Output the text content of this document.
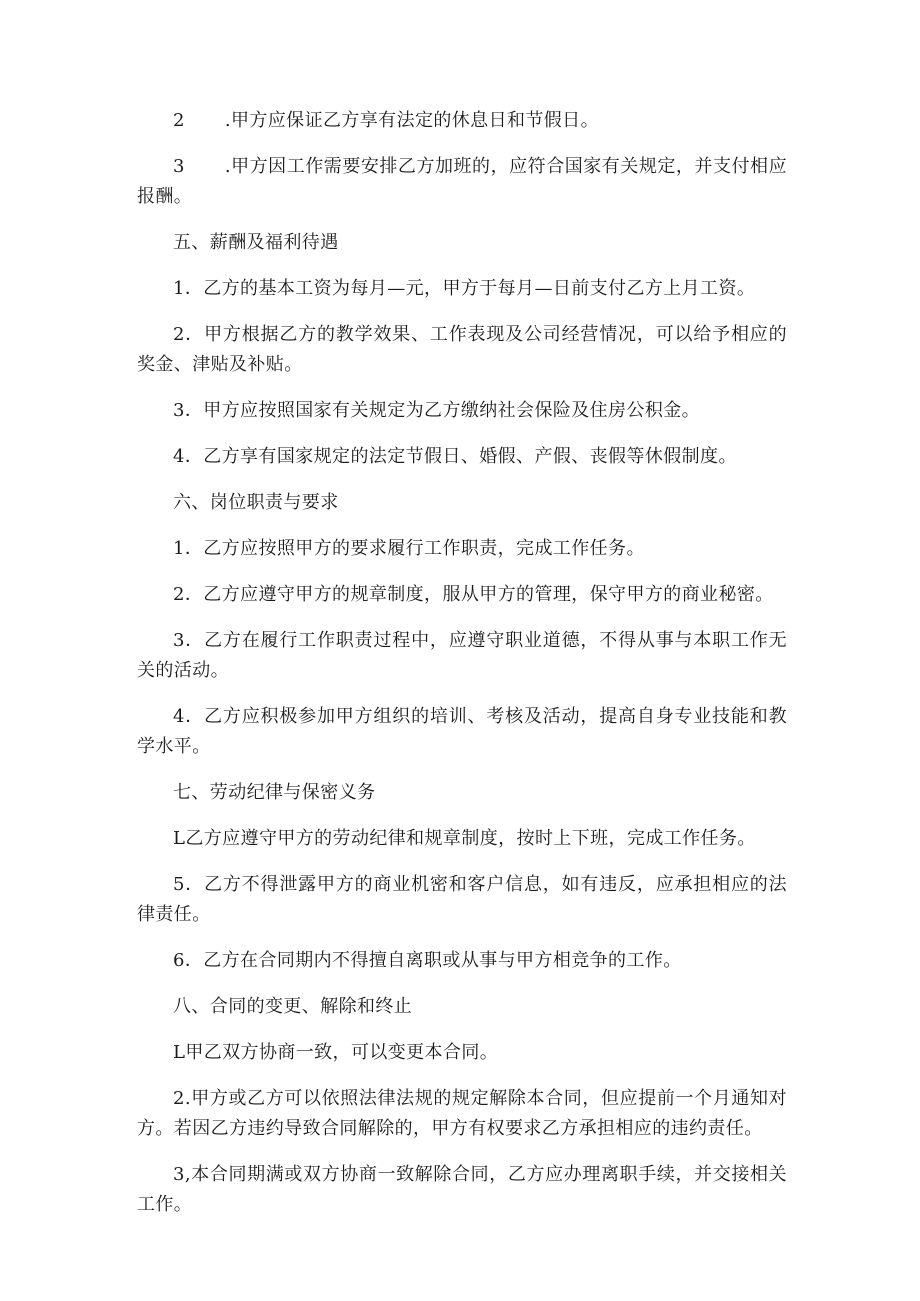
2 .甲方应保证乙方享有法定的休息日和节假日。

3 .甲方因工作需要安排乙方加班的，应符合国家有关规定，并支付相应报酬。

五、薪酬及福利待遇

1．乙方的基本工资为每月—元，甲方于每月—日前支付乙方上月工资。

2．甲方根据乙方的教学效果、工作表现及公司经营情况，可以给予相应的奖金、津贴及补贴。

3．甲方应按照国家有关规定为乙方缴纳社会保险及住房公积金。

4．乙方享有国家规定的法定节假日、婚假、产假、丧假等休假制度。

六、岗位职责与要求

1．乙方应按照甲方的要求履行工作职责，完成工作任务。

2．乙方应遵守甲方的规章制度，服从甲方的管理，保守甲方的商业秘密。

3．乙方在履行工作职责过程中，应遵守职业道德，不得从事与本职工作无关的活动。

4．乙方应积极参加甲方组织的培训、考核及活动，提高自身专业技能和教学水平。

七、劳动纪律与保密义务

L乙方应遵守甲方的劳动纪律和规章制度，按时上下班，完成工作任务。

5．乙方不得泄露甲方的商业机密和客户信息，如有违反，应承担相应的法律责任。

6．乙方在合同期内不得擅自离职或从事与甲方相竞争的工作。

八、合同的变更、解除和终止

L甲乙双方协商一致，可以变更本合同。

2.甲方或乙方可以依照法律法规的规定解除本合同，但应提前一个月通知对方。若因乙方违约导致合同解除的，甲方有权要求乙方承担相应的违约责任。

3,本合同期满或双方协商一致解除合同，乙方应办理离职手续，并交接相关工作。
